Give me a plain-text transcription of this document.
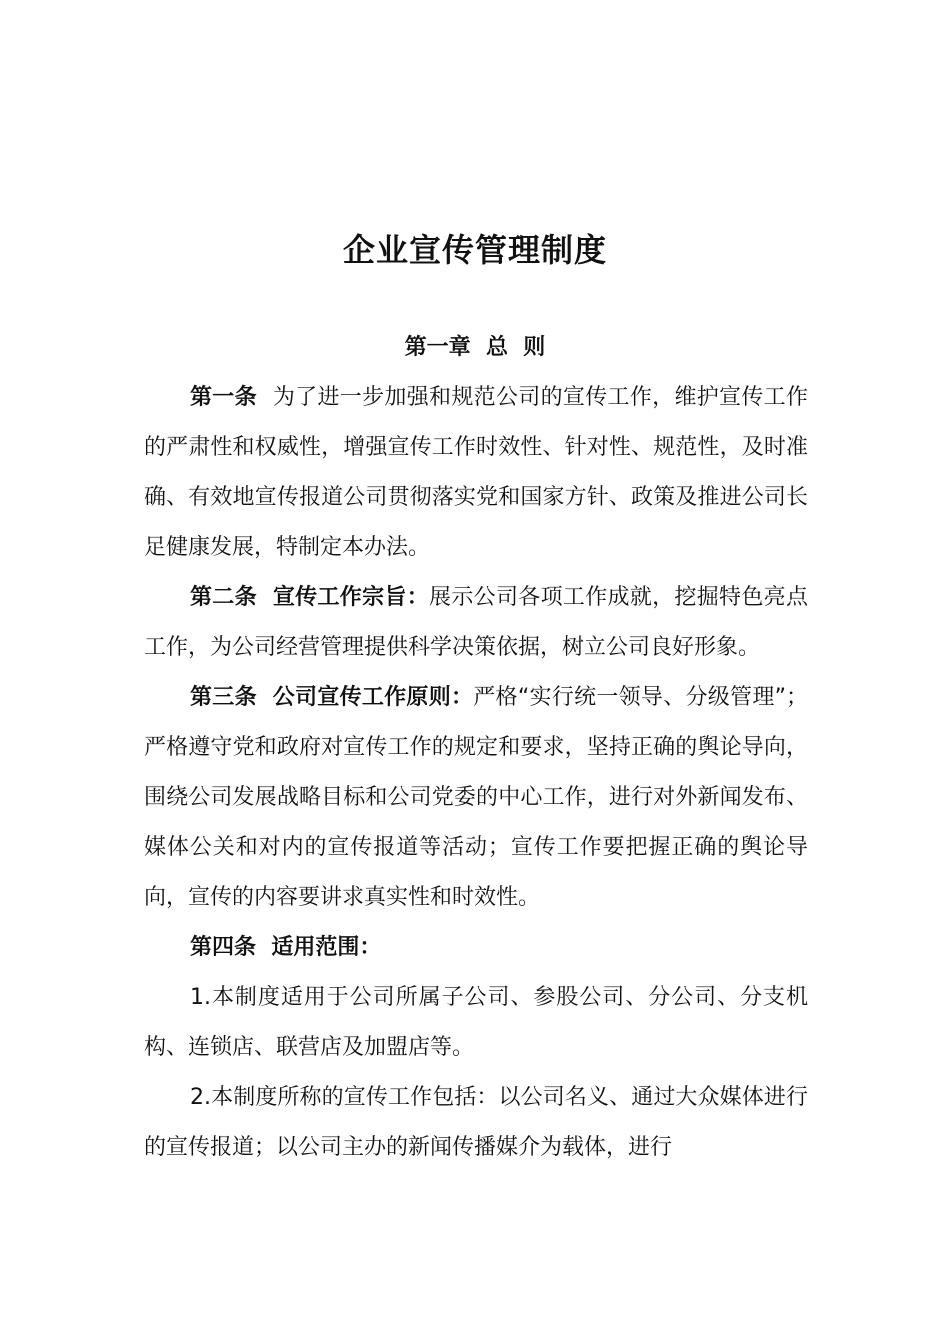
企业宣传管理制度
第一章  总  则

第一条  为了进一步加强和规范公司的宣传工作，维护宣传工作的严肃性和权威性，增强宣传工作时效性、针对性、规范性，及时准确、有效地宣传报道公司贯彻落实党和国家方针、政策及推进公司长足健康发展，特制定本办法。

第二条  宣传工作宗旨：展示公司各项工作成就，挖掘特色亮点工作，为公司经营管理提供科学决策依据，树立公司良好形象。

第三条  公司宣传工作原则：严格“实行统一领导、分级管理”；严格遵守党和政府对宣传工作的规定和要求，坚持正确的舆论导向，围绕公司发展战略目标和公司党委的中心工作，进行对外新闻发布、媒体公关和对内的宣传报道等活动；宣传工作要把握正确的舆论导向，宣传的内容要讲求真实性和时效性。

第四条  适用范围：

1.本制度适用于公司所属子公司、参股公司、分公司、分支机构、连锁店、联营店及加盟店等。

2.本制度所称的宣传工作包括：以公司名义、通过大众媒体进行的宣传报道；以公司主办的新闻传播媒介为载体，进行
